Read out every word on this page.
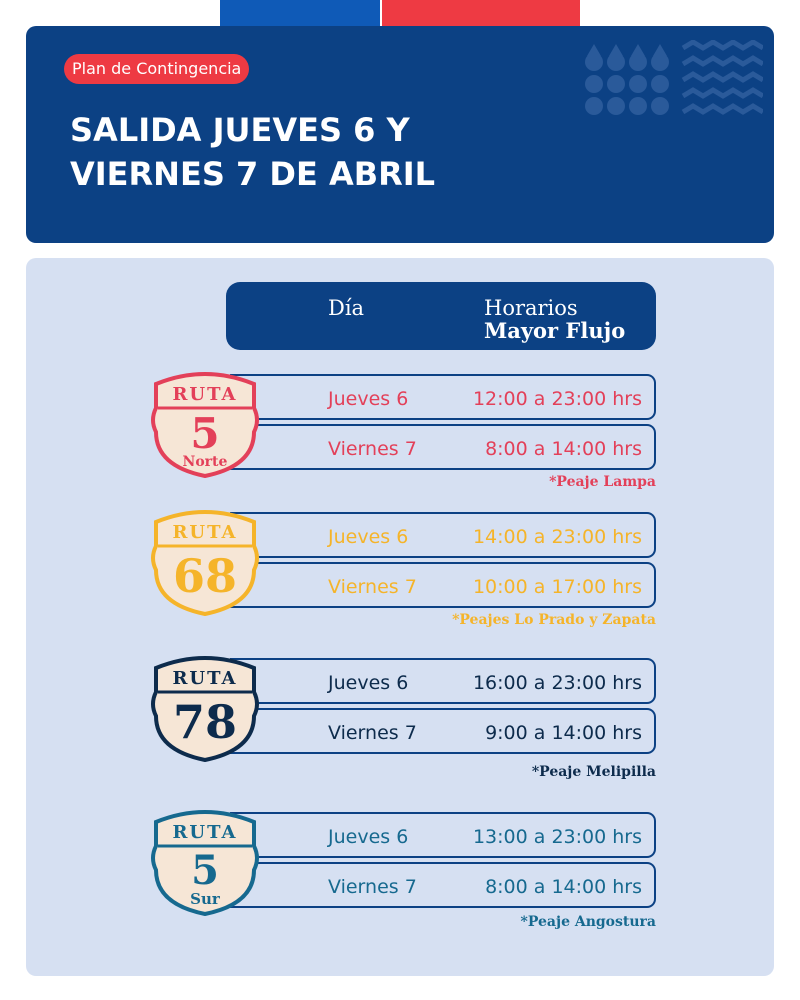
Plan de Contingencia
SALIDA JUEVES 6 Y
VIERNES 7 DE ABRIL
Día	Horarios
Mayor Flujo
Jueves 6	12:00 a 23:00 hrs
Viernes 7	8:00 a 14:00 hrs
*Peaje Lampa
RUTA
5
Norte
Jueves 6	14:00 a 23:00 hrs
Viernes 7	10:00 a 17:00 hrs
*Peajes Lo Prado y Zapata
RUTA
68
Jueves 6	16:00 a 23:00 hrs
Viernes 7	9:00 a 14:00 hrs
*Peaje Melipilla
RUTA
78
Jueves 6	13:00 a 23:00 hrs
Viernes 7	8:00 a 14:00 hrs
*Peaje Angostura
RUTA
5
Sur
